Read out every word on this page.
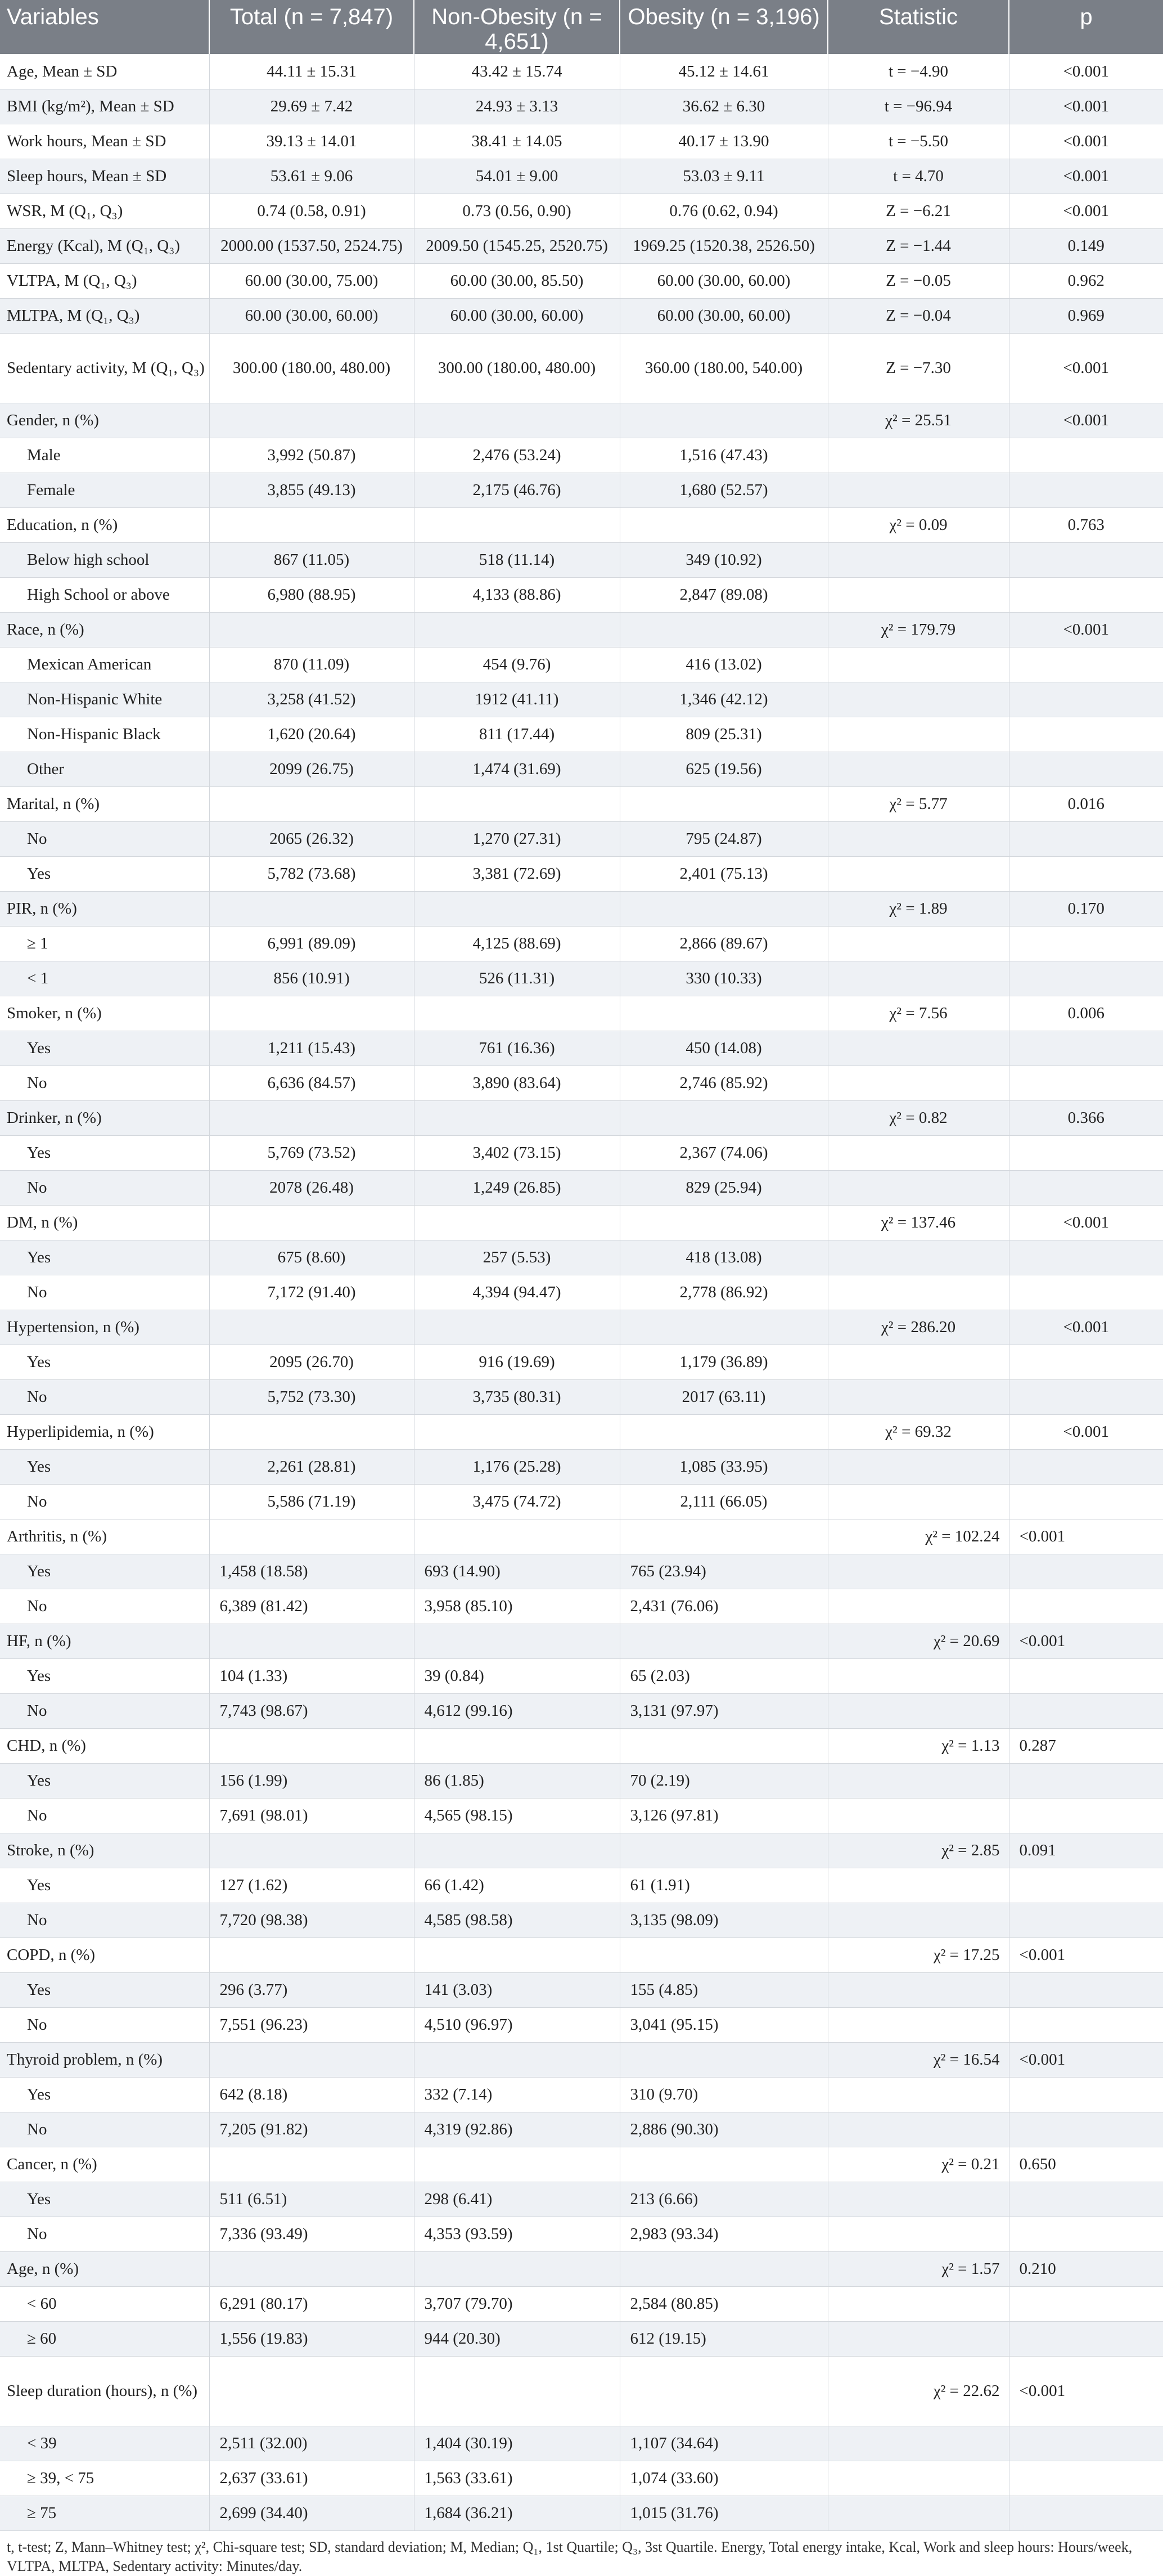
Variables	Total (n = 7,847)	Non-Obesity (n = 4,651)	Obesity (n = 3,196)	Statistic	p
Age, Mean ± SD	44.11 ± 15.31	43.42 ± 15.74	45.12 ± 14.61	t = −4.90	<0.001
BMI (kg/m²), Mean ± SD	29.69 ± 7.42	24.93 ± 3.13	36.62 ± 6.30	t = −96.94	<0.001
Work hours, Mean ± SD	39.13 ± 14.01	38.41 ± 14.05	40.17 ± 13.90	t = −5.50	<0.001
Sleep hours, Mean ± SD	53.61 ± 9.06	54.01 ± 9.00	53.03 ± 9.11	t = 4.70	<0.001
WSR, M (Q₁, Q₃)	0.74 (0.58, 0.91)	0.73 (0.56, 0.90)	0.76 (0.62, 0.94)	Z = −6.21	<0.001
Energy (Kcal), M (Q₁, Q₃)	2000.00 (1537.50, 2524.75)	2009.50 (1545.25, 2520.75)	1969.25 (1520.38, 2526.50)	Z = −1.44	0.149
VLTPA, M (Q₁, Q₃)	60.00 (30.00, 75.00)	60.00 (30.00, 85.50)	60.00 (30.00, 60.00)	Z = −0.05	0.962
MLTPA, M (Q₁, Q₃)	60.00 (30.00, 60.00)	60.00 (30.00, 60.00)	60.00 (30.00, 60.00)	Z = −0.04	0.969
Sedentary activity, M (Q₁, Q₃)	300.00 (180.00, 480.00)	300.00 (180.00, 480.00)	360.00 (180.00, 540.00)	Z = −7.30	<0.001
Gender, n (%)				χ² = 25.51	<0.001
Male	3,992 (50.87)	2,476 (53.24)	1,516 (47.43)		
Female	3,855 (49.13)	2,175 (46.76)	1,680 (52.57)		
Education, n (%)				χ² = 0.09	0.763
Below high school	867 (11.05)	518 (11.14)	349 (10.92)		
High School or above	6,980 (88.95)	4,133 (88.86)	2,847 (89.08)		
Race, n (%)				χ² = 179.79	<0.001
Mexican American	870 (11.09)	454 (9.76)	416 (13.02)		
Non-Hispanic White	3,258 (41.52)	1912 (41.11)	1,346 (42.12)		
Non-Hispanic Black	1,620 (20.64)	811 (17.44)	809 (25.31)		
Other	2099 (26.75)	1,474 (31.69)	625 (19.56)		
Marital, n (%)				χ² = 5.77	0.016
No	2065 (26.32)	1,270 (27.31)	795 (24.87)		
Yes	5,782 (73.68)	3,381 (72.69)	2,401 (75.13)		
PIR, n (%)				χ² = 1.89	0.170
≥ 1	6,991 (89.09)	4,125 (88.69)	2,866 (89.67)		
< 1	856 (10.91)	526 (11.31)	330 (10.33)		
Smoker, n (%)				χ² = 7.56	0.006
Yes	1,211 (15.43)	761 (16.36)	450 (14.08)		
No	6,636 (84.57)	3,890 (83.64)	2,746 (85.92)		
Drinker, n (%)				χ² = 0.82	0.366
Yes	5,769 (73.52)	3,402 (73.15)	2,367 (74.06)		
No	2078 (26.48)	1,249 (26.85)	829 (25.94)		
DM, n (%)				χ² = 137.46	<0.001
Yes	675 (8.60)	257 (5.53)	418 (13.08)		
No	7,172 (91.40)	4,394 (94.47)	2,778 (86.92)		
Hypertension, n (%)				χ² = 286.20	<0.001
Yes	2095 (26.70)	916 (19.69)	1,179 (36.89)		
No	5,752 (73.30)	3,735 (80.31)	2017 (63.11)		
Hyperlipidemia, n (%)				χ² = 69.32	<0.001
Yes	2,261 (28.81)	1,176 (25.28)	1,085 (33.95)		
No	5,586 (71.19)	3,475 (74.72)	2,111 (66.05)		
Arthritis, n (%)				χ² = 102.24	<0.001
Yes	1,458 (18.58)	693 (14.90)	765 (23.94)		
No	6,389 (81.42)	3,958 (85.10)	2,431 (76.06)		
HF, n (%)				χ² = 20.69	<0.001
Yes	104 (1.33)	39 (0.84)	65 (2.03)		
No	7,743 (98.67)	4,612 (99.16)	3,131 (97.97)		
CHD, n (%)				χ² = 1.13	0.287
Yes	156 (1.99)	86 (1.85)	70 (2.19)		
No	7,691 (98.01)	4,565 (98.15)	3,126 (97.81)		
Stroke, n (%)				χ² = 2.85	0.091
Yes	127 (1.62)	66 (1.42)	61 (1.91)		
No	7,720 (98.38)	4,585 (98.58)	3,135 (98.09)		
COPD, n (%)				χ² = 17.25	<0.001
Yes	296 (3.77)	141 (3.03)	155 (4.85)		
No	7,551 (96.23)	4,510 (96.97)	3,041 (95.15)		
Thyroid problem, n (%)				χ² = 16.54	<0.001
Yes	642 (8.18)	332 (7.14)	310 (9.70)		
No	7,205 (91.82)	4,319 (92.86)	2,886 (90.30)		
Cancer, n (%)				χ² = 0.21	0.650
Yes	511 (6.51)	298 (6.41)	213 (6.66)		
No	7,336 (93.49)	4,353 (93.59)	2,983 (93.34)		
Age, n (%)				χ² = 1.57	0.210
< 60	6,291 (80.17)	3,707 (79.70)	2,584 (80.85)		
≥ 60	1,556 (19.83)	944 (20.30)	612 (19.15)		
Sleep duration (hours), n (%)				χ² = 22.62	<0.001
< 39	2,511 (32.00)	1,404 (30.19)	1,107 (34.64)		
≥ 39, < 75	2,637 (33.61)	1,563 (33.61)	1,074 (33.60)		
≥ 75	2,699 (34.40)	1,684 (36.21)	1,015 (31.76)		
t, t-test; Z, Mann–Whitney test; χ², Chi-square test; SD, standard deviation; M, Median; Q₁, 1st Quartile; Q₃, 3st Quartile. Energy, Total energy intake, Kcal, Work and sleep hours: Hours/week, VLTPA, MLTPA, Sedentary activity: Minutes/day.
